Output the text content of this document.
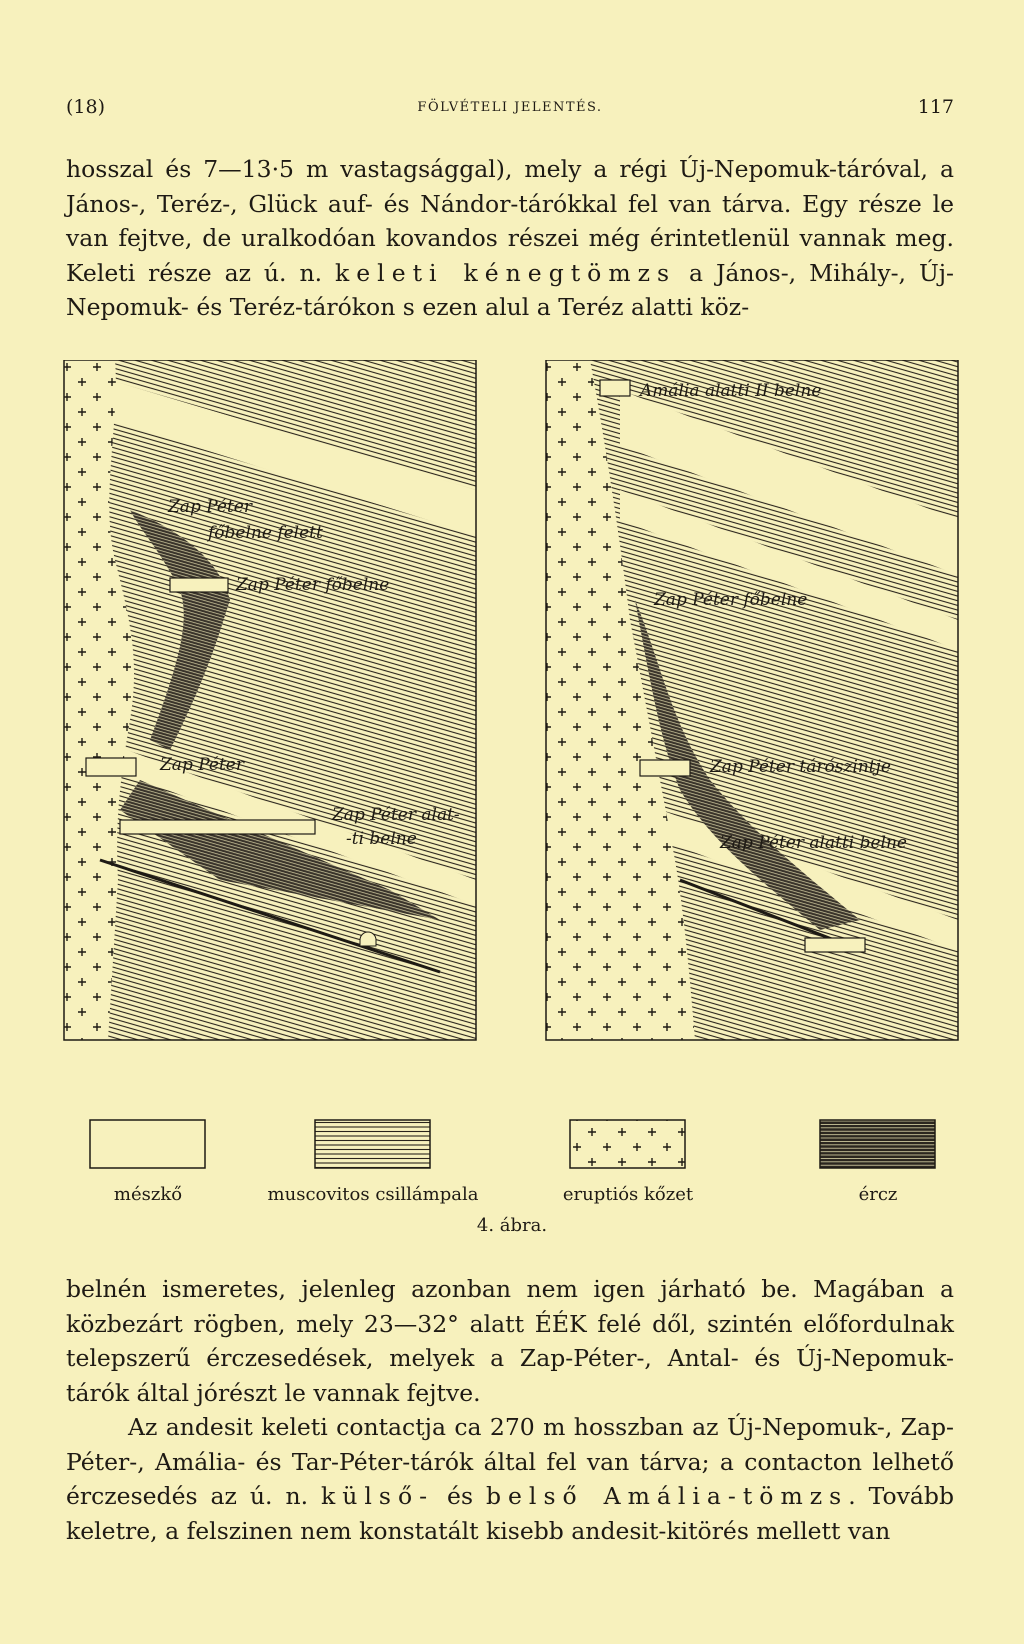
(18)	FÖLVÉTELI JELENTÉS.	117

hosszal és 7—13·5 m vastagsággal), mely a régi Új-Nepomuk-táróval, a János-, Teréz-, Glück auf- és Nándor-tárókkal fel van tárva. Egy része le van fejtve, de uralkodóan kovandos részei még érintetlenül vannak meg. Keleti része az ú. n. keleti kénegtömzs a János-, Mihály-, Új-Nepomuk- és Teréz-tárókon s ezen alul a Teréz alatti köz-

Zap Péter
főbelne felett
Zap Péter főbelne
Zap Péter
Zap Péter alat-
-ti belne
Amália alatti II belne
Zap Péter főbelne
Zap Péter tárószintje
Zap Péter alatti belne
mészkő	muscovitos csillámpala	eruptiós kőzet	ércz
4. ábra.

belnén ismeretes, jelenleg azonban nem igen járható be. Magában a közbezárt rögben, mely 23—32° alatt ÉÉK felé dől, szintén előfordulnak telepszerű érczesedések, melyek a Zap-Péter-, Antal- és Új-Nepomuk-tárók által jórészt le vannak fejtve.

Az andesit keleti contactja ca 270 m hosszban az Új-Nepomuk-, Zap-Péter-, Amália- és Tar-Péter-tárók által fel van tárva; a contacton lelhető érczesedés az ú. n. külső- és belső Amália-tömzs. Tovább keletre, a felszinen nem konstatált kisebb andesit-kitörés mellett van
